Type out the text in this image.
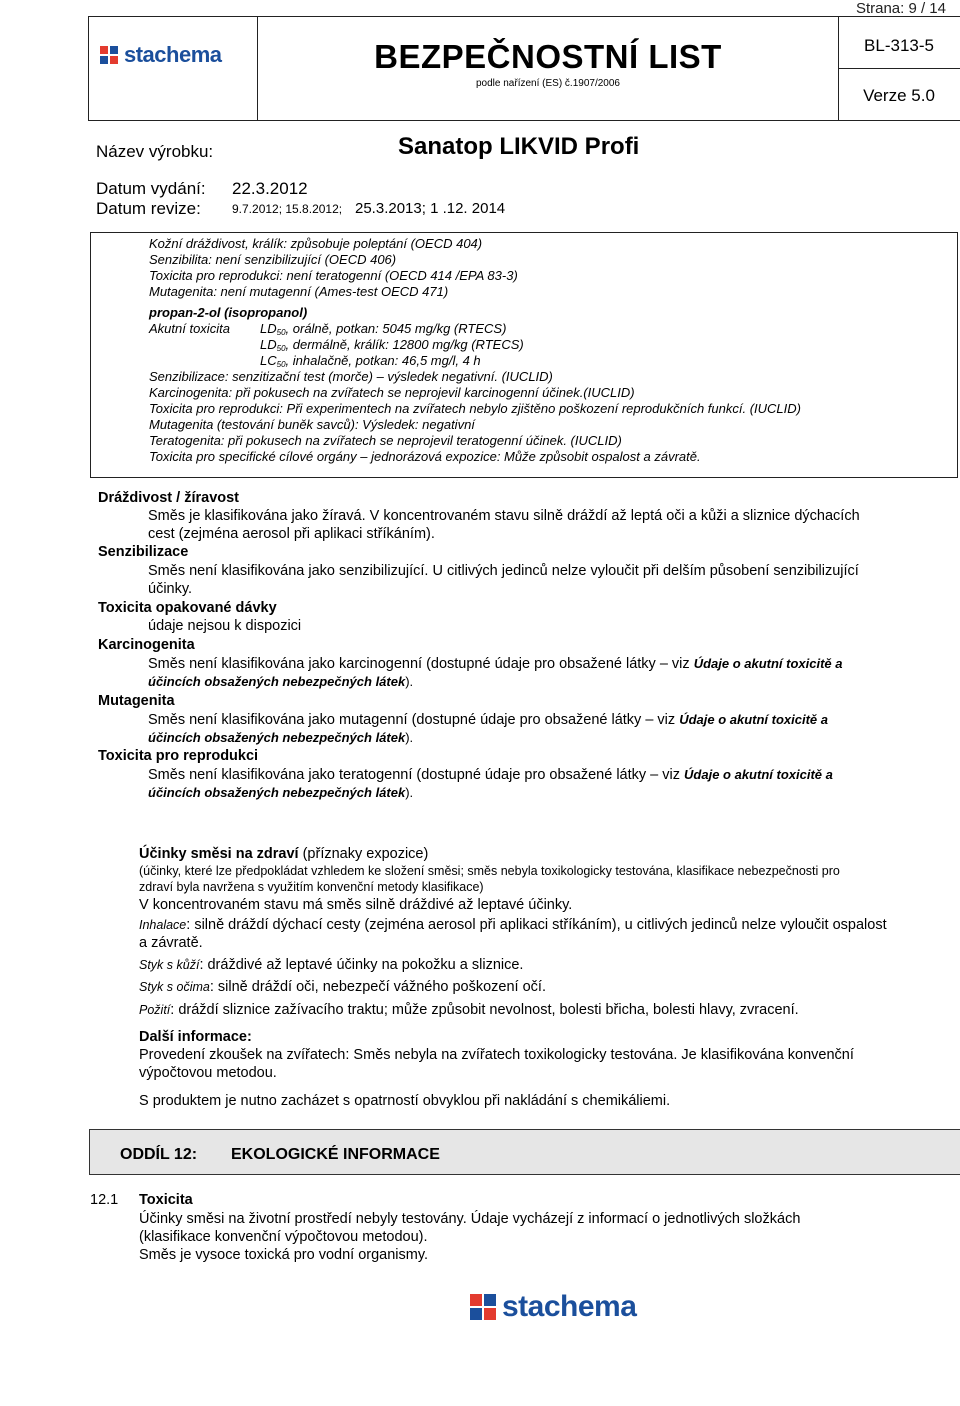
Strana: 9 / 14
stachema	BEZPEČNOSTNÍ LIST
podle nařízení (ES) č.1907/2006
BL-313-5
Verze 5.0
Název výrobku:	Sanatop LIKVID Profi
Datum vydání: 22.3.2012
Datum revize:	9.7.2012; 15.8.2012; 25.3.2013; 1 .12. 2014
Kožní dráždivost, králík: způsobuje poleptání (OECD 404)
Senzibilita: není senzibilizující (OECD 406)
Toxicita pro reprodukci: není teratogenní (OECD 414 /EPA 83-3)
Mutagenita: není mutagenní (Ames-test OECD 471)
propan-2-ol (isopropanol)
Akutní toxicita $LD_{50}$, orálně, potkan: 5045 mg/kg (RTECS)
$LD_{50}$, dermálně, králík: 12800 mg/kg (RTECS)
$LC_{50}$, inhalačně, potkan: 46,5 mg/l, 4 h
Senzibilizace: senzitizační test (morče) – výsledek negativní. (IUCLID)
Karcinogenita: při pokusech na zvířatech se neprojevil karcinogenní účinek.(IUCLID)
Toxicita pro reprodukci: Při experimentech na zvířatech nebylo zjištěno poškození reprodukčních funkcí. (IUCLID)
Mutagenita (testování buněk savců): Výsledek: negativní
Teratogenita: při pokusech na zvířatech se neprojevil teratogenní účinek. (IUCLID)
Toxicita pro specifické cílové orgány – jednorázová expozice: Může způsobit ospalost a závratě.
Dráždivost / žíravost
Směs je klasifikována jako žíravá. V koncentrovaném stavu silně dráždí až leptá oči a kůži a sliznice dýchacích
cest (zejména aerosol při aplikaci stříkáním).
Senzibilizace
Směs není klasifikována jako senzibilizující. U citlivých jedinců nelze vyloučit při delším působení senzibilizující
účinky.
Toxicita opakované dávky
údaje nejsou k dispozici
Karcinogenita
Směs není klasifikována jako karcinogenní (dostupné údaje pro obsažené látky – viz Údaje o akutní toxicitě a
účincích obsažených nebezpečných látek).
Mutagenita
Směs není klasifikována jako mutagenní (dostupné údaje pro obsažené látky – viz Údaje o akutní toxicitě a
účincích obsažených nebezpečných látek).
Toxicita pro reprodukci
Směs není klasifikována jako teratogenní (dostupné údaje pro obsažené látky – viz Údaje o akutní toxicitě a
účincích obsažených nebezpečných látek).
Účinky směsi na zdraví (příznaky expozice)
(účinky, které lze předpokládat vzhledem ke složení směsi; směs nebyla toxikologicky testována, klasifikace nebezpečnosti pro
zdraví byla navržena s využitím konvenční metody klasifikace)
V koncentrovaném stavu má směs silně dráždivé až leptavé účinky.
Inhalace: silně dráždí dýchací cesty (zejména aerosol při aplikaci stříkáním), u citlivých jedinců nelze vyloučit ospalost
a závratě.
Styk s kůží: dráždivé až leptavé účinky na pokožku a sliznice.
Styk s očima: silně dráždí oči, nebezpečí vážného poškození očí.
Požití: dráždí sliznice zažívacího traktu; může způsobit nevolnost, bolesti břicha, bolesti hlavy, zvracení.
Další informace:
Provedení zkoušek na zvířatech: Směs nebyla na zvířatech toxikologicky testována. Je klasifikována konvenční
výpočtovou metodou.
S produktem je nutno zacházet s opatrností obvyklou při nakládání s chemikáliemi.
ODDÍL 12: EKOLOGICKÉ INFORMACE
12.1 Toxicita
Účinky směsi na životní prostředí nebyly testovány. Údaje vycházejí z informací o jednotlivých složkách
(klasifikace konvenční výpočtovou metodou).
Směs je vysoce toxická pro vodní organismy.
stachema
